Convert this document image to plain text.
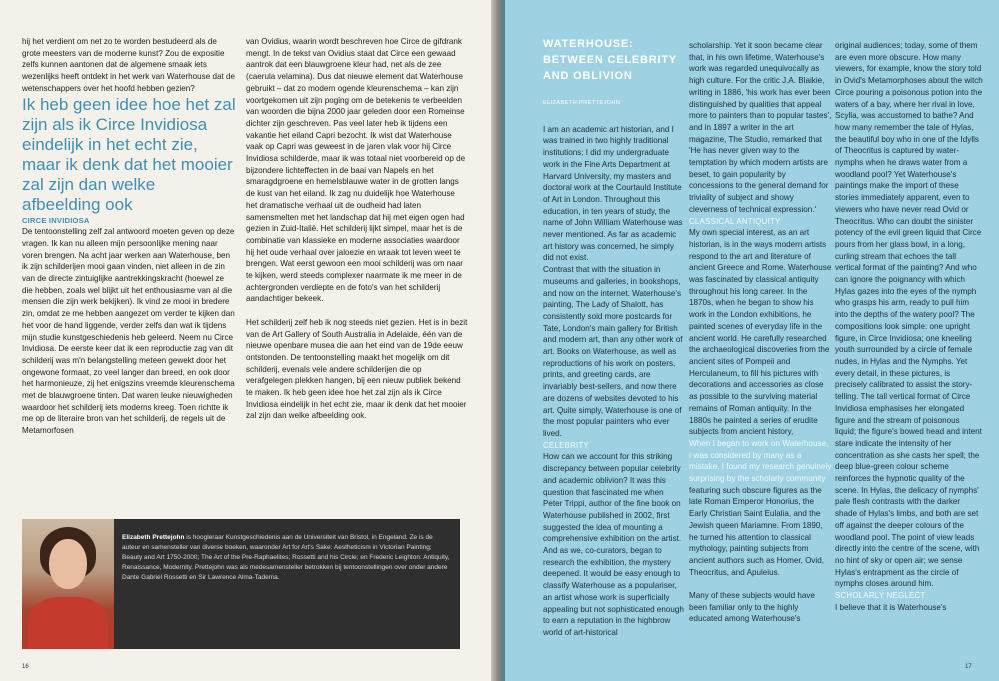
hij het verdient om net zo te worden bestudeerd als de grote meesters van de moderne kunst? Zou de expositie zelfs kunnen aantonen dat de algemene smaak iets wezenlijks heeft ontdekt in het werk van Waterhouse dat de wetenschappers over het hoofd hebben gezien?

Ik heb geen idee hoe het zal zijn als ik Circe Invidiosa eindelijk in het echt zie, maar ik denk dat het mooier zal zijn dan welke afbeelding ook

CIRCE INVIDIOSA

De tentoonstelling zelf zal antwoord moeten geven op deze vragen. Ik kan nu alleen mijn persoonlijke mening naar voren brengen. Na acht jaar werken aan Waterhouse, ben ik zijn schilderijen mooi gaan vinden, niet alleen in de zin van de directe zintuiglijke aantrekkingskracht (hoewel ze die hebben, zoals wel blijkt uit het enthousiasme van al die mensen die zijn werk bekijken). Ik vind ze mooi in bredere zin, omdat ze me hebben aangezet om verder te kijken dan het voor de hand liggende, verder zelfs dan wat ik tijdens mijn studie kunstgeschiedenis heb geleerd. Neem nu Circe Invidiosa. De eerste keer dat ik een reproductie zag van dit schilderij was m'n belangstelling meteen gewekt door het ongewone formaat, zo veel langer dan breed, en ook door het harmonieuze, zij het enigszins vreemde kleurenschema met de blauwgroene tinten. Dat waren leuke nieuwigheden waardoor het schilderij iets moderns kreeg. Toen richtte ik me op de literaire bron van het schilderij, de regels uit de Metamorfosen

van Ovidius, waarin wordt beschreven hoe Circe de gifdrank mengt. In de tekst van Ovidius staat dat Circe een gewaad aantrok dat een blauwgroene kleur had, net als de zee (caerula velamina). Dus dat nieuwe element dat Waterhouse gebruikt – dat zo modern ogende kleurenschema – kan zijn voortgekomen uit zijn poging om de betekenis te verbeelden van woorden die bijna 2000 jaar geleden door een Romeinse dichter zijn geschreven. Pas veel later heb ik tijdens een vakantie het eiland Capri bezocht. Ik wist dat Waterhouse vaak op Capri was geweest in de jaren vlak voor hij Circe Invidiosa schilderde, maar ik was totaal niet voorbereid op de bijzondere lichteffecten in de baai van Napels en het smaragdgroene en hemelsblauwe water in de grotten langs de kust van het eiland. Ik zag nu duidelijk hoe Waterhouse het dramatische verhaal uit de oudheid had laten samensmelten met het landschap dat hij met eigen ogen had gezien in Zuid-Italië. Het schilderij lijkt simpel, maar het is de combinatie van klassieke en moderne associaties waardoor hij het oude verhaal over jaloezie en wraak tot leven weet te brengen. Wat eerst gewoon een mooi schilderij was om naar te kijken, werd steeds complexer naarmate ik me meer in de achtergronden verdiepte en de foto's van het schilderij aandachtiger bekeek.

Het schilderij zelf heb ik nog steeds niet gezien. Het is in bezit van de Art Gallery of South Australia in Adelaide, één van de nieuwe openbare musea die aan het eind van de 19de eeuw ontstonden. De tentoonstelling maakt het mogelijk om dit schilderij, evenals vele andere schilderijen die op verafgelegen plekken hangen, bij een nieuw publiek bekend te maken. Ik heb geen idee hoe het zal zijn als ik Circe Invidiosa eindelijk in het echt zie, maar ik denk dat het mooier zal zijn dan welke afbeelding ook.

Elizabeth Prettejohn is hoogleraar Kunstgeschiedenis aan de Universiteit van Bristol, in Engeland. Ze is de auteur en samensteller van diverse boeken, waaronder Art for Art's Sake: Aestheticism in Victorian Painting; Beauty and Art 1750-2000; The Art of the Pre-Raphaelites; Rossetti and his Circle; en Frederic Leighton: Antiquity, Renaissance, Modernity. Prettejohn was als medesamensteller betrokken bij tentoonstellingen over onder andere Dante Gabriel Rossetti en Sir Lawrence Alma-Tadema.
16
WATERHOUSE:
BETWEEN CELEBRITY
AND OBLIVION
ELIZABETH PRETTEJOHN

I am an academic art historian, and I was trained in two highly traditional institutions; I did my undergraduate work in the Fine Arts Department at Harvard University, my masters and doctoral work at the Courtauld Institute of Art in London. Throughout this education, in ten years of study, the name of John William Waterhouse was never mentioned. As far as academic art history was concerned, he simply did not exist.

Contrast that with the situation in museums and galleries, in bookshops, and now on the internet. Waterhouse's painting, The Lady of Shalott, has consistently sold more postcards for Tate, London's main gallery for British and modern art, than any other work of art. Books on Waterhouse, as well as reproductions of his work on posters, prints, and greeting cards, are invariably best-sellers, and now there are dozens of websites devoted to his art. Quite simply, Waterhouse is one of the most popular painters who ever lived.

CELEBRITY

How can we account for this striking discrepancy between popular celebrity and academic oblivion? It was this question that fascinated me when Peter Trippi, author of the fine book on Waterhouse published in 2002, first suggested the idea of mounting a comprehensive exhibition on the artist. And as we, co-curators, began to research the exhibition, the mystery deepened. It would be easy enough to classify Waterhouse as a populariser, an artist whose work is superficially appealing but not sophisticated enough to earn a reputation in the highbrow world of art-historical

scholarship. Yet it soon became clear that, in his own lifetime, Waterhouse's work was regarded unequivocally as high culture. For the critic J.A. Blaikie, writing in 1886, 'his work has ever been distinguished by qualities that appeal more to painters than to popular tastes', and in 1897 a writer in the art magazine, The Studio, remarked that 'He has never given way to the temptation by which modern artists are beset, to gain popularity by concessions to the general demand for triviality of subject and showy cleverness of technical expression.'

CLASSICAL ANTIQUITY

My own special interest, as an art historian, is in the ways modern artists respond to the art and literature of ancient Greece and Rome. Waterhouse was fascinated by classical antiquity throughout his long career. In the 1870s, when he began to show his work in the London exhibitions, he painted scenes of everyday life in the ancient world. He carefully researched the archaeological discoveries from the ancient sites of Pompeii and Herculaneum, to fill his pictures with decorations and accessories as close as possible to the surviving material remains of Roman antiquity. In the 1880s he painted a series of erudite subjects from ancient history,

When I began to work on Waterhouse, I was considered by many as a mistake. I found my research genuinely surprising by the scholarly community

featuring such obscure figures as the late Roman Emperor Honorius, the Early Christian Saint Eulalia, and the Jewish queen Mariamne. From 1890, he turned his attention to classical mythology, painting subjects from ancient authors such as Homer, Ovid, Theocritus, and Apuleius.

Many of these subjects would have been familiar only to the highly educated among Waterhouse's

original audiences; today, some of them are even more obscure. How many viewers, for example, know the story told in Ovid's Metamorphoses about the witch Circe pouring a poisonous potion into the waters of a bay, where her rival in love, Scylla, was accustomed to bathe? And how many remember the tale of Hylas, the beautiful boy who in one of the Idylls of Theocritus is captured by water-nymphs when he draws water from a woodland pool? Yet Waterhouse's paintings make the import of these stories immediately apparent, even to viewers who have never read Ovid or Theocritus. Who can doubt the sinister potency of the evil green liquid that Circe pours from her glass bowl, in a long, curling stream that echoes the tall vertical format of the painting? And who can ignore the poignancy with which Hylas gazes into the eyes of the nymph who grasps his arm, ready to pull him into the depths of the watery pool? The compositions look simple: one upright figure, in Circe Invidiosa; one kneeling youth surrounded by a circle of female nudes, in Hylas and the Nymphs. Yet every detail, in these pictures, is precisely calibrated to assist the story-telling. The tall vertical format of Circe Invidiosa emphasises her elongated figure and the stream of poisonous liquid; the figure's bowed head and intent stare indicate the intensity of her concentration as she casts her spell; the deep blue-green colour scheme reinforces the hypnotic quality of the scene. In Hylas, the delicacy of nymphs' pale flesh contrasts with the darker shade of Hylas's limbs, and both are set off against the deeper colours of the woodland pool. The point of view leads directly into the centre of the scene, with no hint of sky or open air; we sense Hylas's entrapment as the circle of nymphs closes around him.

SCHOLARLY NEGLECT

I believe that it is Waterhouse's

17
